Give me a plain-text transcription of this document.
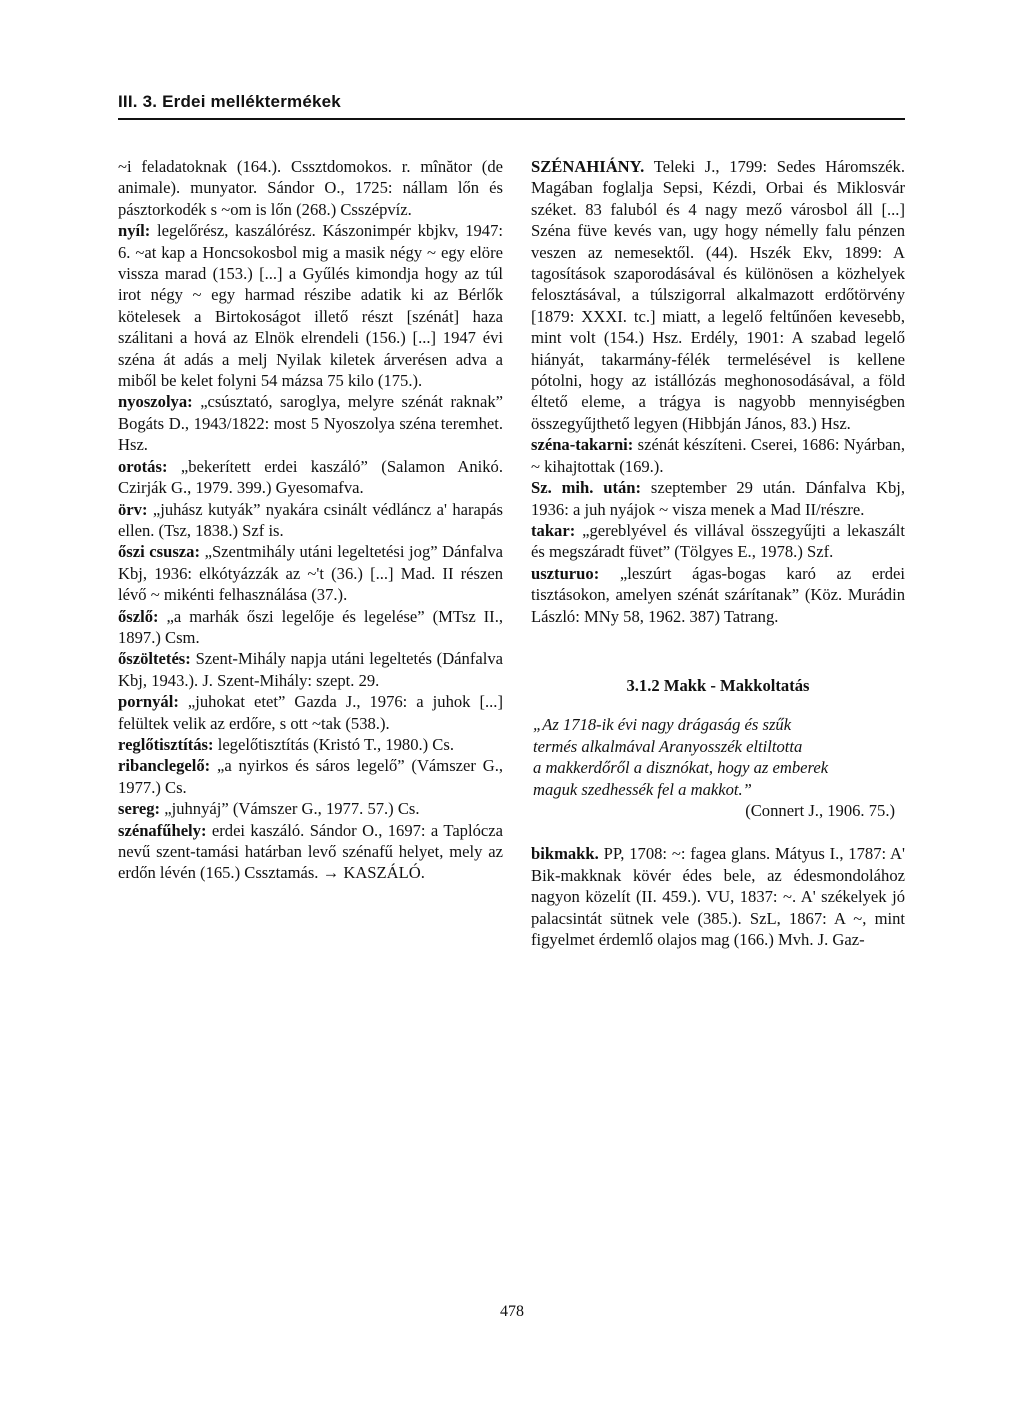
III. 3. Erdei melléktermékek

~i feladatoknak (164.). Cssztdomokos. r. mînător (de animale). munyator. Sándor O., 1725: nállam lőn és pásztorkodék s ~om is lőn (268.) Csszépvíz.

nyíl: legelőrész, kaszálórész. Kászonimpér kbjkv, 1947: 6. ~at kap a Honcsokosbol mig a masik négy ~ egy elöre vissza marad (153.) [...] a Gyűlés kimondja hogy az túl irot négy ~ egy harmad részibe adatik ki az Bérlők kötelesek a Birtokoságot illető részt [szénát] haza szálitani a hová az Elnök elrendeli (156.) [...] 1947 évi széna át adás a melj Nyilak kiletek árverésen adva a miből be kelet folyni 54 mázsa 75 kilo (175.).

nyoszolya: „csúsztató, saroglya, melyre szénát raknak” Bogáts D., 1943/1822: most 5 Nyoszolya széna teremhet. Hsz.

orotás: „bekerített erdei kaszáló” (Salamon Anikó. Czirják G., 1979. 399.) Gyesomafva.

örv: „juhász kutyák” nyakára csinált védláncz a' harapás ellen. (Tsz, 1838.) Szf is.

őszi csusza: „Szentmihály utáni legeltetési jog” Dánfalva Kbj, 1936: elkótyázzák az ~'t (36.) [...] Mad. II részen lévő ~ mikénti felhasználása (37.).

őszlő: „a marhák őszi legelője és legelése” (MTsz II., 1897.) Csm.

őszöltetés: Szent-Mihály napja utáni legeltetés (Dánfalva Kbj, 1943.). J. Szent-Mihály: szept. 29.

pornyál: „juhokat etet” Gazda J., 1976: a juhok [...] felültek velik az erdőre, s ott ~tak (538.).

reglőtisztítás: legelőtisztítás (Kristó T., 1980.) Cs.

ribanclegelő: „a nyirkos és sáros legelő” (Vámszer G., 1977.) Cs.

sereg: „juhnyáj” (Vámszer G., 1977. 57.) Cs.

szénafűhely: erdei kaszáló. Sándor O., 1697: a Taplócza nevű szent-tamási határban levő szénafű helyet, mely az erdőn lévén (165.) Cssztamás. → KASZÁLÓ.

SZÉNAHIÁNY. Teleki J., 1799: Sedes Háromszék. Magában foglalja Sepsi, Kézdi, Orbai és Miklosvár széket. 83 faluból és 4 nagy mező városbol áll [...] Széna füve kevés van, ugy hogy némelly falu pénzen veszen az nemesektől. (44). Hszék Ekv, 1899: A tagosítások szaporodásával és különösen a közhelyek felosztásával, a túlszigorral alkalmazott erdőtörvény [1879: XXXI. tc.] miatt, a legelő feltűnően kevesebb, mint volt (154.) Hsz. Erdély, 1901: A szabad legelő hiányát, takarmány-félék termelésével is kellene pótolni, hogy az istállózás meghonosodásával, a föld éltető eleme, a trágya is nagyobb mennyiségben összegyűjthető legyen (Hibbján János, 83.) Hsz.

széna-takarni: szénát készíteni. Cserei, 1686: Nyárban, ~ kihajtottak (169.).

Sz. mih. után: szeptember 29 után. Dánfalva Kbj, 1936: a juh nyájok ~ visza menek a Mad II/részre.

takar: „gereblyével és villával összegyűjti a lekaszált és megszáradt füvet” (Tölgyes E., 1978.) Szf.

uszturuo: „leszúrt ágas-bogas karó az erdei tisztásokon, amelyen szénát szárítanak” (Köz. Murádin László: MNy 58, 1962. 387) Tatrang.

3.1.2 Makk - Makkoltatás
„Az 1718-ik évi nagy drágaság és szűk
termés alkalmával Aranyosszék eltiltotta
a makkerdőről a disznókat, hogy az emberek
maguk szedhessék fel a makkot.”
(Connert J., 1906. 75.)

bikmakk. PP, 1708: ~: fagea glans. Mátyus I., 1787: A' Bik-makknak kövér édes bele, az édesmondolához nagyon közelít (II. 459.). VU, 1837: ~. A' székelyek jó palacsintát sütnek vele (385.). SzL, 1867: A ~, mint figyelmet érdemlő olajos mag (166.) Mvh. J. Gaz-

478
